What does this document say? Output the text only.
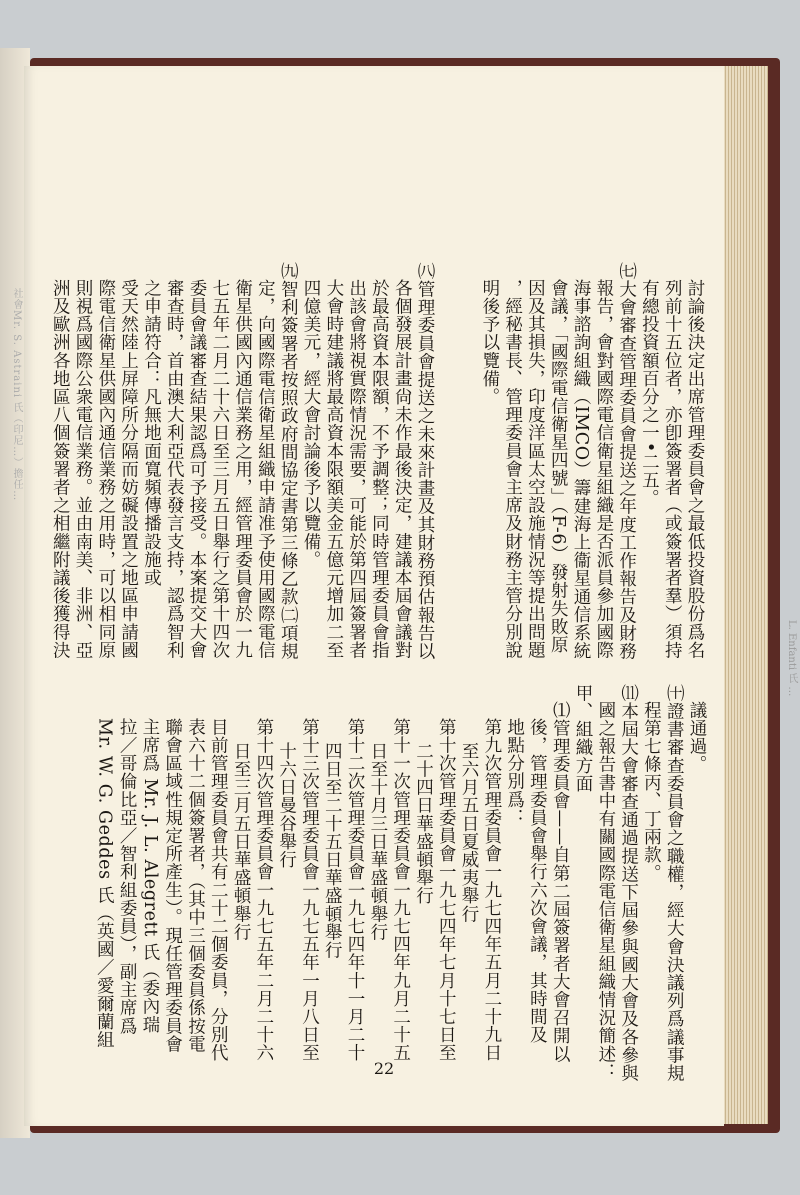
社會Mr. S. Astraini 氏（印尼…）擔任…
L. Enfanti 氏 …
討論後決定出席管理委員會之最低投資股份爲名
列前十五位者，亦卽簽署者（或簽署者羣）須持
有總投資額百分之一•二五。
㈦大會審查管理委員會提送之年度工作報告及財務
報告，會對國際電信衛星組織是否派員參加國際
海事諮詢組織（IMCO）籌建海上衞星通信系統
會議，「國際電信衛星四號」（F-6）發射失敗原
因及其損失，印度洋區太空設施情況等提出問題
，經秘書長、管理委員會主席及財務主管分別說
明後予以覽備。
㈧管理委員會提送之未來計畫及其財務預估報告以
各個發展計畫尙未作最後決定，建議本屆會議對
於最高資本限額，不予調整；同時管理委員會指
出該會將視實際情況需要，可能於第四屆簽署者
大會時建議將最高資本限額美金五億元增加二至
四億美元，經大會討論後予以覽備。
㈨智利簽署者按照政府間協定書第三條乙款㈡項規
定，向國際電信衛星組織申請准予使用國際電信
衛星供國內通信業務之用，經管理委員會於一九
七五年二月二十六日至三月五日舉行之第十四次
委員會議審查結果認爲可予接受。本案提交大會
審查時，首由澳大利亞代表發言支持，認爲智利
之申請符合：凡無地面寬頻傳播設施或
受天然陸上屏障所分隔而妨礙設置之地區申請國
際電信衛星供國內通信業務之用時，可以相同原
則視爲國際公衆電信業務。並由南美、非洲、亞
洲及歐洲各地區八個簽署者之相繼附議後獲得決
議通過。
㈩證書審查委員會之職權，經大會決議列爲議事規
程第七條丙、丁兩款。
⑾本屆大會審查通過提送下屆參與國大會及各參與
國之報告書中有關國際電信衛星組織情況簡述：
甲、組織方面
⑴管理委員會——自第二屆簽署者大會召開以
後，管理委員會舉行六次會議，其時間及
地點分別爲：
第九次管理委員會一九七四年五月二十九日
至六月五日夏威夷舉行
第十次管理委員會一九七四年七月十七日至
二十四日華盛頓舉行
第十一次管理委員會一九七四年九月二十五
日至十月三日華盛頓舉行
第十二次管理委員會一九七四年十一月二十
四日至二十五日華盛頓舉行
第十三次管理委員會一九七五年一月八日至
十六日曼谷舉行
第十四次管理委員會一九七五年二月二十六
日至三月五日華盛頓舉行
目前管理委員會共有二十二個委員，分別代
表六十二個簽署者，（其中三個委員係按電
聯會區域性規定所產生）。現任管理委員會
主席爲 Mr. J. L. Alegrett 氏（委內瑞
拉／哥倫比亞／智利組委員），副主席爲
Mr. W. G. Geddes 氏（英國／愛爾蘭組
22
